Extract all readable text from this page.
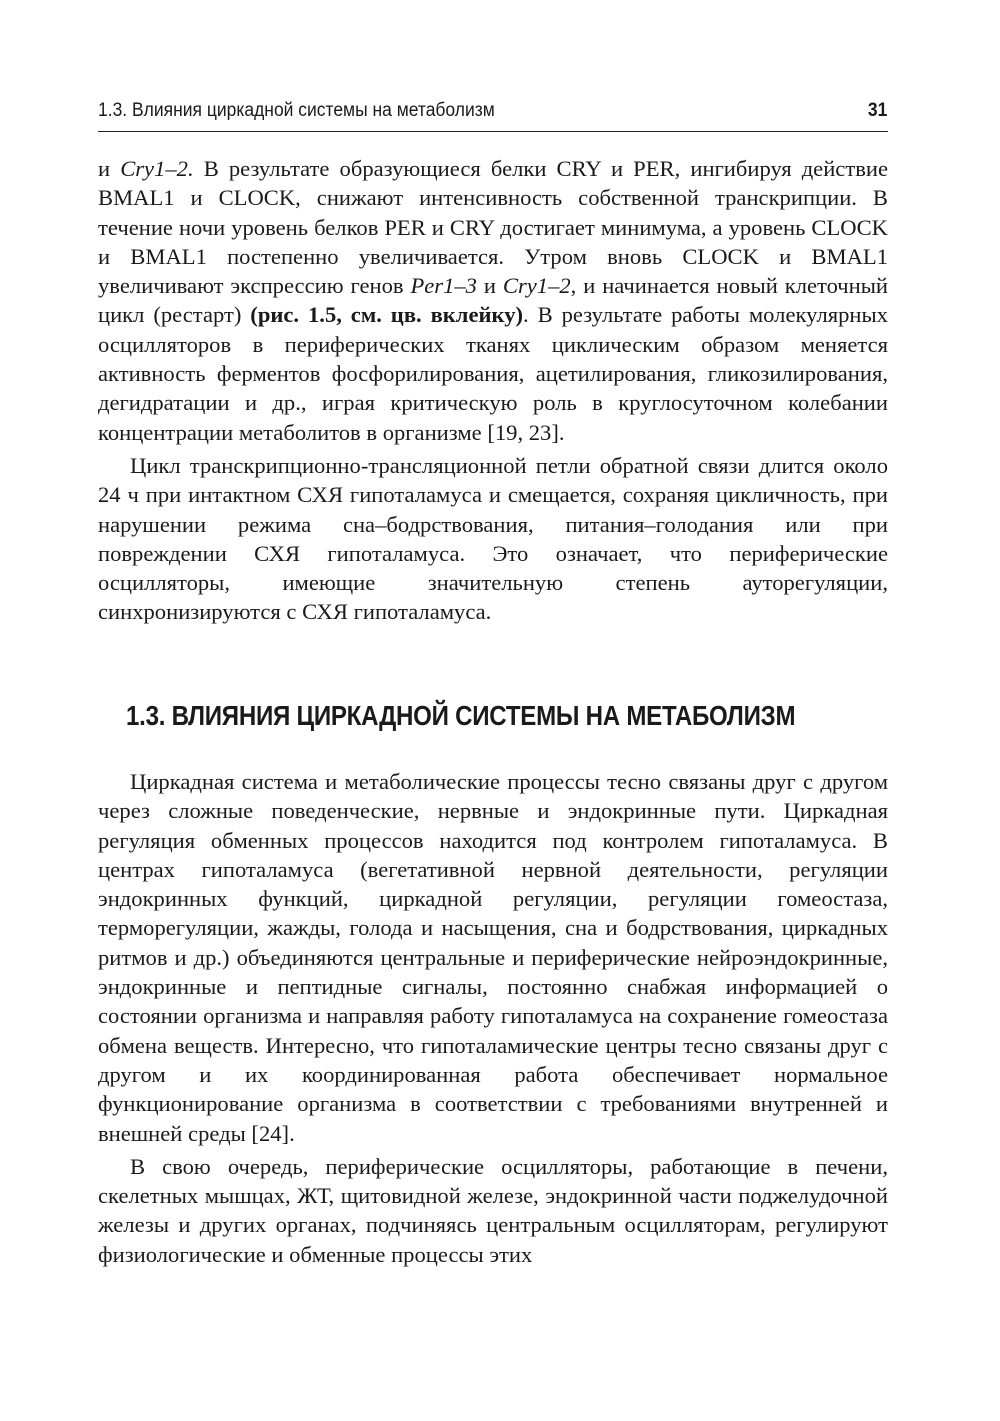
1.3. Влияния циркадной системы на метаболизм	31

и Cry1–2. В результате образующиеся белки CRY и PER, ингибируя действие BMAL1 и CLOCK, снижают интенсивность собственной транскрипции. В течение ночи уровень белков PER и CRY достигает минимума, а уровень CLOCK и BMAL1 постепенно увеличивается. Утром вновь CLOCK и BMAL1 увеличивают экспрессию генов Per1–3 и Cry1–2, и начинается новый клеточный цикл (рестарт) (рис. 1.5, см. цв. вклейку). В результате работы молекулярных осцилляторов в периферических тканях циклическим образом меняется активность ферментов фосфорилирования, ацетилирования, гликозилирования, дегидратации и др., играя критическую роль в круглосуточном колебании концентрации метаболитов в организме [19, 23].

Цикл транскрипционно-трансляционной петли обратной связи длится около 24 ч при интактном СХЯ гипоталамуса и смещается, сохраняя цикличность, при нарушении режима сна–бодрствования, питания–голодания или при повреждении СХЯ гипоталамуса. Это означает, что периферические осцилляторы, имеющие значительную степень ауторегуляции, синхронизируются с СХЯ гипоталамуса.

1.3. ВЛИЯНИЯ ЦИРКАДНОЙ СИСТЕМЫ НА МЕТАБОЛИЗМ

Циркадная система и метаболические процессы тесно связаны друг с другом через сложные поведенческие, нервные и эндокринные пути. Циркадная регуляция обменных процессов находится под контролем гипоталамуса. В центрах гипоталамуса (вегетативной нервной деятельности, регуляции эндокринных функций, циркадной регуляции, регуляции гомеостаза, терморегуляции, жажды, голода и насыщения, сна и бодрствования, циркадных ритмов и др.) объединяются центральные и периферические нейроэндокринные, эндокринные и пептидные сигналы, постоянно снабжая информацией о состоянии организма и направляя работу гипоталамуса на сохранение гомеостаза обмена веществ. Интересно, что гипоталамические центры тесно связаны друг с другом и их координированная работа обеспечивает нормальное функционирование организма в соответствии с требованиями внутренней и внешней среды [24].

В свою очередь, периферические осцилляторы, работающие в печени, скелетных мышцах, ЖТ, щитовидной железе, эндокринной части поджелудочной железы и других органах, подчиняясь центральным осцилляторам, регулируют физиологические и обменные процессы этих
